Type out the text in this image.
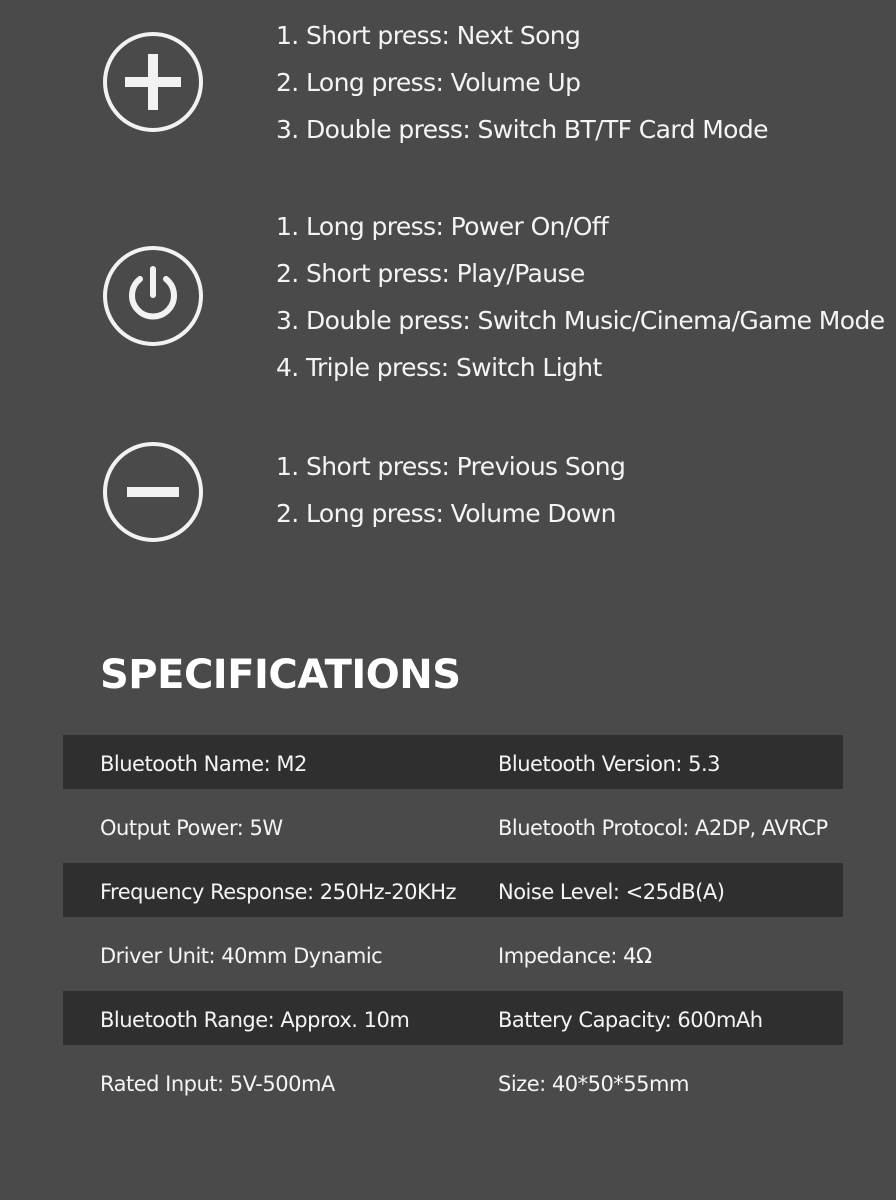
1. Short press: Next Song
2. Long press: Volume Up
3. Double press: Switch BT/TF Card Mode
1. Long press: Power On/Off
2. Short press: Play/Pause
3. Double press: Switch Music/Cinema/Game Mode
4. Triple press: Switch Light
1. Short press: Previous Song
2. Long press: Volume Down
SPECIFICATIONS
Bluetooth Name: M2	Bluetooth Version: 5.3
Output Power: 5W	Bluetooth Protocol: A2DP, AVRCP
Frequency Response: 250Hz-20KHz Noise Level: <25dB(A)
Driver Unit: 40mm Dynamic	Impedance: 4Ω
Bluetooth Range: Approx. 10m	Battery Capacity: 600mAh
Rated Input: 5V-500mA	Size: 40*50*55mm
